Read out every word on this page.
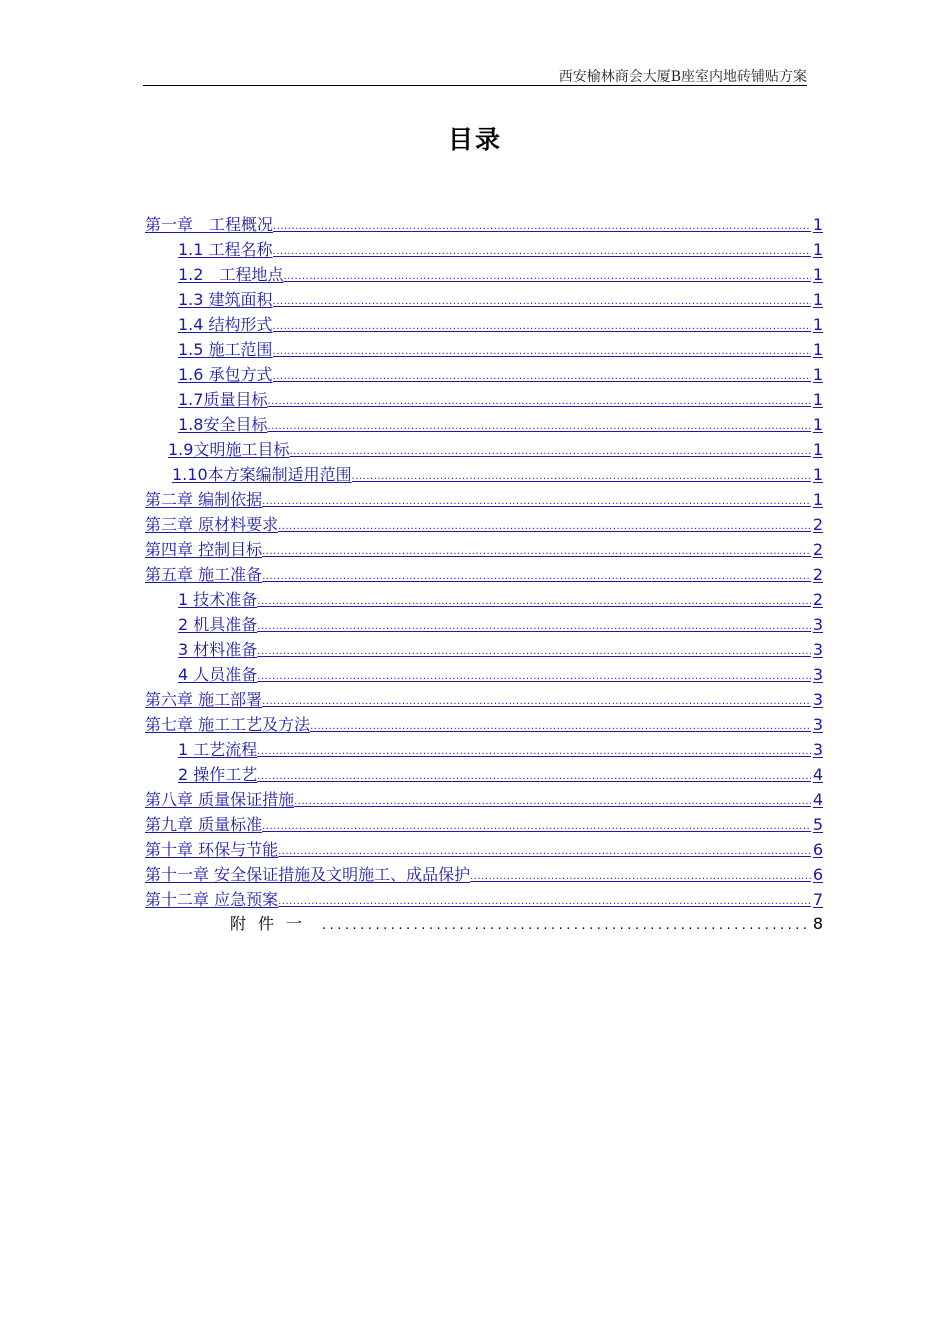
西安榆林商会大厦B座室内地砖铺贴方案
目录
第一章　工程概况 .....	1
1.1 工程名称 .....	1
1.2　工程地点 .....	1
1.3 建筑面积 .....	1
1.4 结构形式 .....	1
1.5 施工范围 .....	1
1.6 承包方式 .....	1
1.7质量目标 .....	1
1.8安全目标 .....	1
1.9文明施工目标 .....	1
1.10本方案编制适用范围 .....	1
第二章 编制依据 .....	1
第三章 原材料要求 .....	2
第四章 控制目标 .....	2
第五章 施工准备 .....	2
1 技术准备 .....	2
2 机具准备 .....	3
3 材料准备 .....	3
4 人员准备 .....	3
第六章 施工部署 .....	3
第七章 施工工艺及方法 .....	3
1 工艺流程 .....	3
2 操作工艺 .....	4
第八章 质量保证措施 .....	4
第九章 质量标准 .....	5
第十章 环保与节能 .....	6
第十一章 安全保证措施及文明施工、成品保护 .....	6
第十二章 应急预案 .....	7
附件一 .....	8
